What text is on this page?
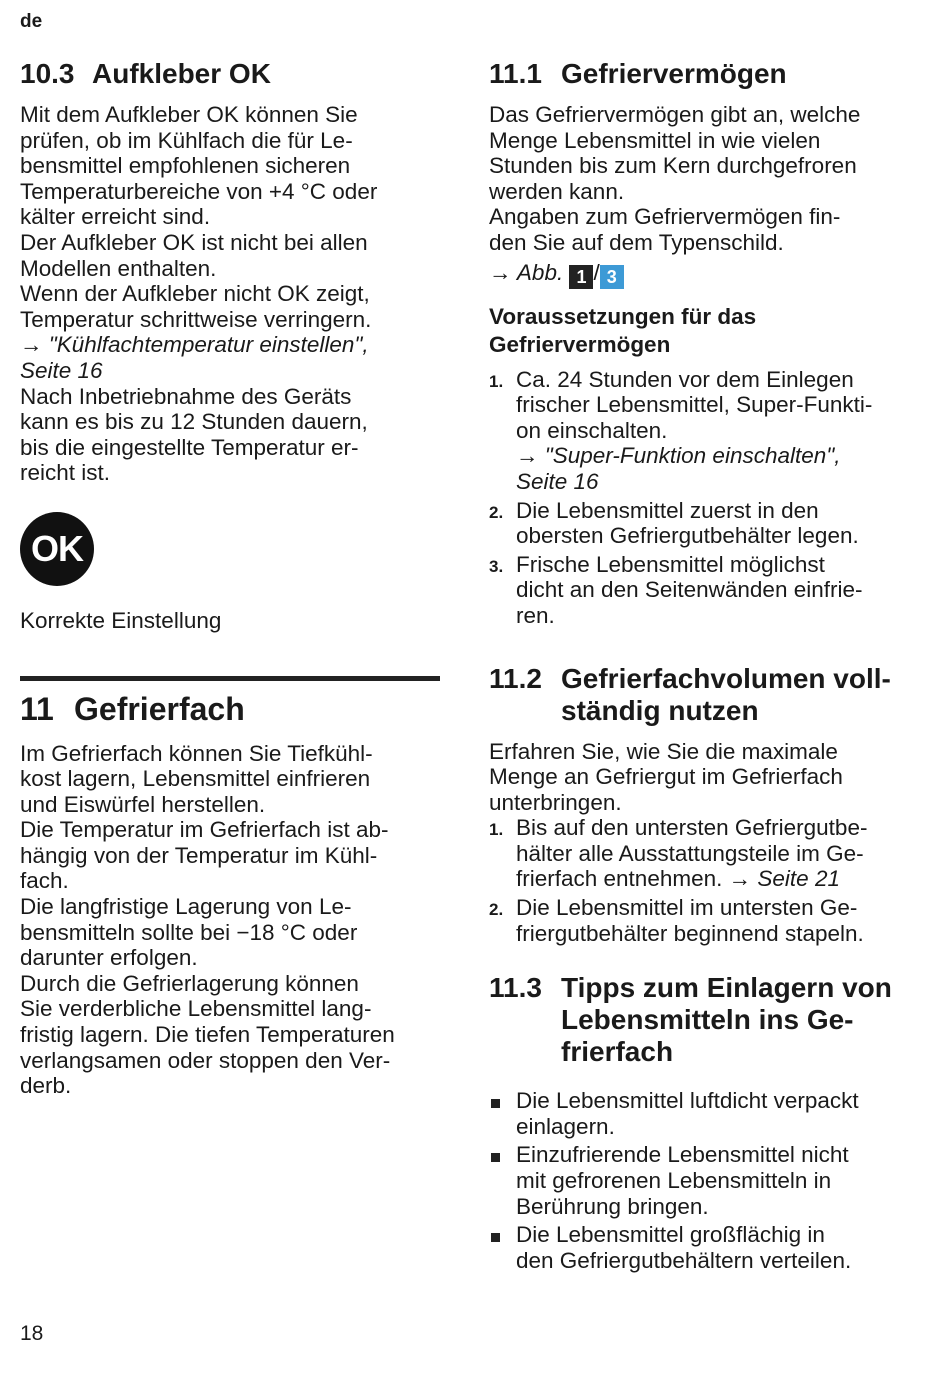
de
10.3 Aufkleber OK

Mit dem Aufkleber OK können Sie

prüfen, ob im Kühlfach die für Le-

bensmittel empfohlenen sicheren

Temperaturbereiche von +4 °C oder

kälter erreicht sind.

Der Aufkleber OK ist nicht bei allen

Modellen enthalten.

Wenn der Aufkleber nicht OK zeigt,

Temperatur schrittweise verringern.

→ "Kühlfachtemperatur einstellen",

Seite 16

Nach Inbetriebnahme des Geräts

kann es bis zu 12 Stunden dauern,

bis die eingestellte Temperatur er-

reicht ist.

OK

Korrekte Einstellung

11 Gefrierfach

Im Gefrierfach können Sie Tiefkühl-

kost lagern, Lebensmittel einfrieren

und Eiswürfel herstellen.

Die Temperatur im Gefrierfach ist ab-

hängig von der Temperatur im Kühl-

fach.

Die langfristige Lagerung von Le-

bensmitteln sollte bei −18 °C oder

darunter erfolgen.

Durch die Gefrierlagerung können

Sie verderbliche Lebensmittel lang-

fristig lagern. Die tiefen Temperaturen

verlangsamen oder stoppen den Ver-

derb.

11.1 Gefriervermögen

Das Gefriervermögen gibt an, welche

Menge Lebensmittel in wie vielen

Stunden bis zum Kern durchgefroren

werden kann.

Angaben zum Gefriervermögen fin-

den Sie auf dem Typenschild.

→ Abb. 1 / 3

Voraussetzungen für das
Gefriervermögen
1. Ca. 24 Stunden vor dem Einlegen
frischer Lebensmittel, Super-Funkti-
on einschalten.
→ "Super-Funktion einschalten",
Seite 16
2. Die Lebensmittel zuerst in den
obersten Gefriergutbehälter legen.
3. Frische Lebensmittel möglichst
dicht an den Seitenwänden einfrie-
ren.
11.2 Gefrierfachvolumen voll-
ständig nutzen

Erfahren Sie, wie Sie die maximale

Menge an Gefriergut im Gefrierfach

unterbringen.

1. Bis auf den untersten Gefriergutbe-
hälter alle Ausstattungsteile im Ge-
frierfach entnehmen. → Seite 21
2. Die Lebensmittel im untersten Ge-
friergutbehälter beginnend stapeln.
11.3 Tipps zum Einlagern von
Lebensmitteln ins Ge-
frierfach
Die Lebensmittel luftdicht verpackt
einlagern.
Einzufrierende Lebensmittel nicht
mit gefrorenen Lebensmitteln in
Berührung bringen.
Die Lebensmittel großflächig in
den Gefriergutbehältern verteilen.
18
